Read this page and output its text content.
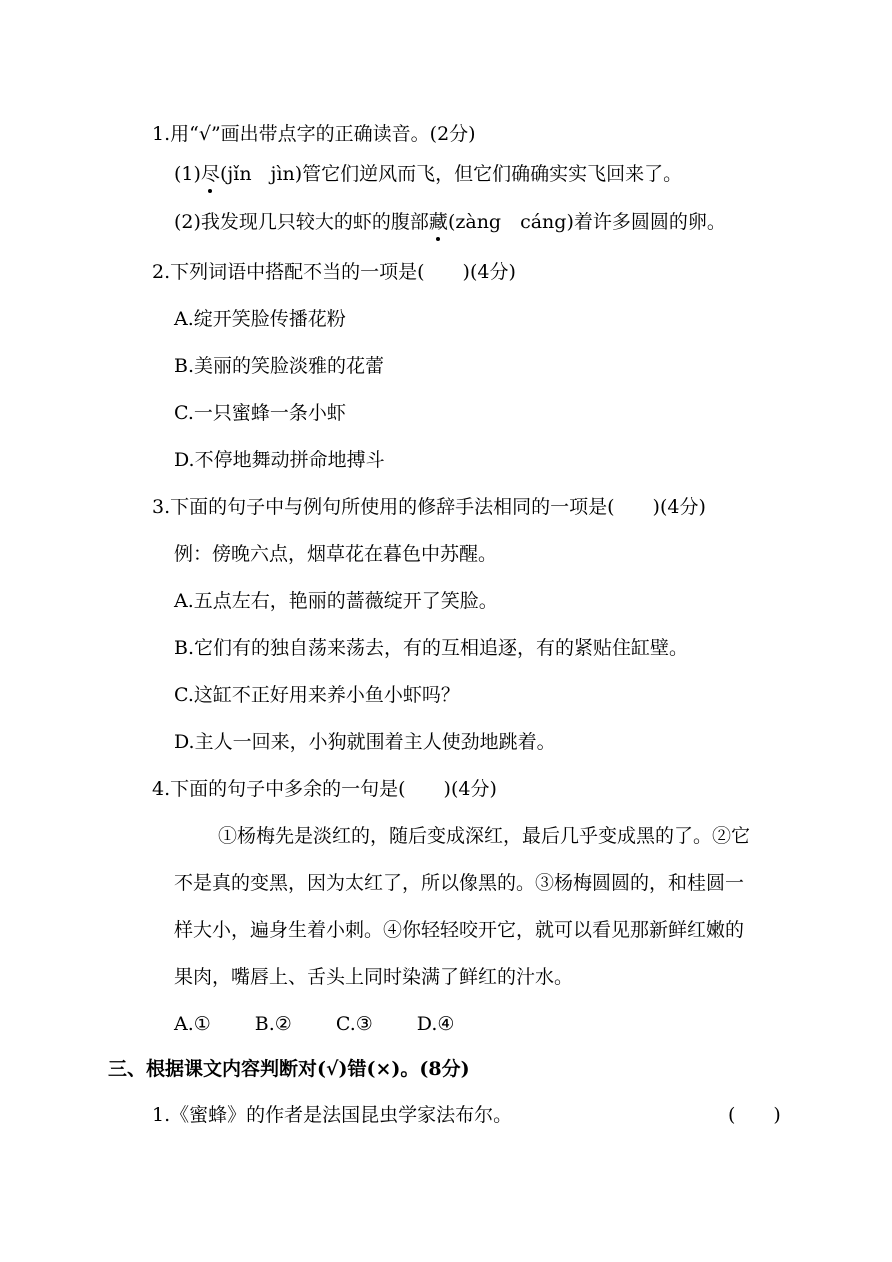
1.用“√”画出带点字的正确读音。(2分)
(1)尽(jǐn　jìn)管它们逆风而飞，但它们确确实实飞回来了。
(2)我发现几只较大的虾的腹部藏(zàng　cáng)着许多圆圆的卵。
2.下列词语中搭配不当的一项是(　　)(4分)
A.绽开笑脸传播花粉
B.美丽的笑脸淡雅的花蕾
C.一只蜜蜂一条小虾
D.不停地舞动拼命地搏斗
3.下面的句子中与例句所使用的修辞手法相同的一项是(　　)(4分)
例：傍晚六点，烟草花在暮色中苏醒。
A.五点左右，艳丽的蔷薇绽开了笑脸。
B.它们有的独自荡来荡去，有的互相追逐，有的紧贴住缸壁。
C.这缸不正好用来养小鱼小虾吗？
D.主人一回来，小狗就围着主人使劲地跳着。
4.下面的句子中多余的一句是(　　)(4分)
①杨梅先是淡红的，随后变成深红，最后几乎变成黑的了。②它
不是真的变黑，因为太红了，所以像黑的。③杨梅圆圆的，和桂圆一
样大小，遍身生着小刺。④你轻轻咬开它，就可以看见那新鲜红嫩的
果肉，嘴唇上、舌头上同时染满了鲜红的汁水。
A.① B.② C.③ D.④
三、根据课文内容判断对(√)错(×)。(8分)
1.《蜜蜂》的作者是法国昆虫学家法布尔。	(　　)
